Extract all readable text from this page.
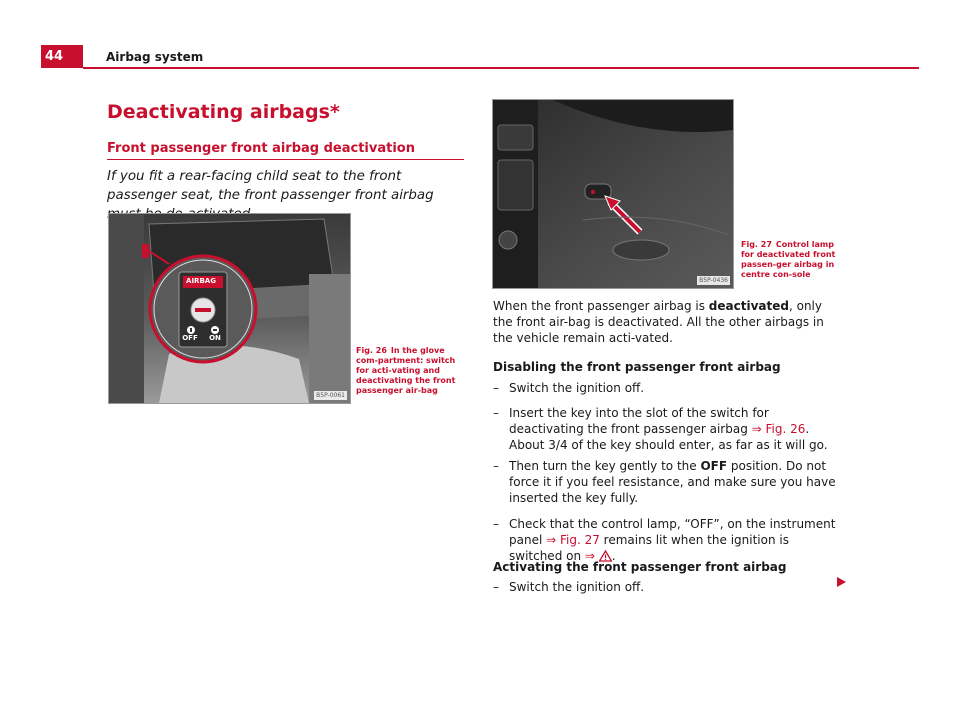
44	Airbag system
Deactivating airbags*
Front passenger front airbag deactivation
If you fit a rear-facing child seat to the front passenger seat, the front passenger front airbag
AIRBAG
OFF	ON
B5P-0061
Fig. 26 In the glove com-partment: switch for acti-vating and deactivating the front passenger air-bag
B5P-0436
Fig. 27 Control lamp for deactivated front passen-ger airbag in centre con-sole
When the front passenger airbag is deactivated, only the front air-bag is deactivated. All the other airbags in the vehicle remain acti-vated.
Disabling the front passenger front airbag
– Switch the ignition off.
– Insert the key into the slot of the switch for deactivating the front passenger airbag ⇒ Fig. 26. About 3/4 of the key should enter, as far as it will go.
– Then turn the key gently to the OFF position. Do not force it if you feel resistance, and make sure you have inserted the key fully.
– Check that the control lamp, “OFF”, on the instrument panel ⇒ Fig. 27 remains lit when the ignition is switched on ⇒ .
Activating the front passenger front airbag
– Switch the ignition off.
